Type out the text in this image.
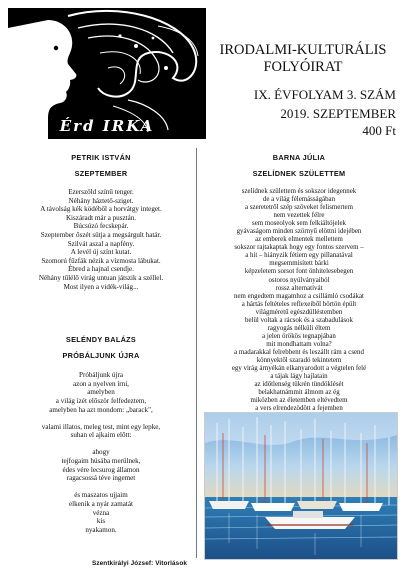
Érd IRKA
IRODALMI-KULTURÁLIS
FOLYÓIRAT
IX. ÉVFOLYAM 3. SZÁM
2019. SZEPTEMBER
400 Ft
PETRIK ISTVÁN
SZEPTEMBER
Ezerszöld színű tenger.
Néhány háztető-sziget.
A távolság kék ködéből a horvátgy integet.
Kiszáradt már a pusztán.
Búcsúzó fecskepár.
Szeptember őszét sütja a megsárgult határ.
Szilvát aszal a napfény.
A levél új színt kutat.
Szomorú fűzfák nézik a vízmosta lábukat.
Ébred a hajnal csendje.
Néhány tűlélő virág untuan játszik a széllel.
Most ilyen a vidék-világ...
SELÉNDY BALÁZS
PRÓBÁLJUNK ÚJRA
Próbáljunk újra
azon a nyelven írni,
amelyben
a világ ízét először felfedeztem,
amelyben ha azt mondom: „barack",
valami illatos, meleg test, mint egy lepke,
suhan el ajkaim előtt:
ahogy
tejfogaim húsába merülnek,
édes vére lecsurog államon
ragacsossá téve ingemet
és maszatos ujjaim
elkenik a nyár zamatát
vézna
kis
nyakamon.
BARNA JÚLIA
SZELÍDNEK SZÜLETTEM
szelídnek születtem és sokszor idegennek
de a világ félemásságában
a szeretetről szép szöveket felismertem
nem vezettek félre
sem moseolyok sem felkiáltójelek
gyávaságom minden szörnyű elöttni idejében
az emberek elmentek mellettem
sokszor rajtakaptak hogy egy fontos szervem –
a hit – hiányzik fétiem egy pillanatával
megsemmisített bárki
képzeletem sorsot font önhitelesebegen
ostoros nyúlványaiból
rossz alternatívát
nem engedtem magamhoz a csillámló csodákat
a hártás feltételes reflexeiből börtön épült
világméretű egészdülléstemben
belül voltak a rácsok és a szabadulások
ragyogás nélküli éltem
a jelen örökös tegnapjában
mit mondhattam volna?
a madarakkal felrebbent és leszállt rám a csend
könnyektől szaradó tekintetem
egy virág árnyékán elkanyarodott a végtelen felé
a tájak lágy hajlatain
az időtlenség tükrén tündöklését
belakhatnámmit álmom az ég
miközben az életemben eltévedtem
a vers elrendezödött a fejemben
Szentkirályi József: Vitorlások
